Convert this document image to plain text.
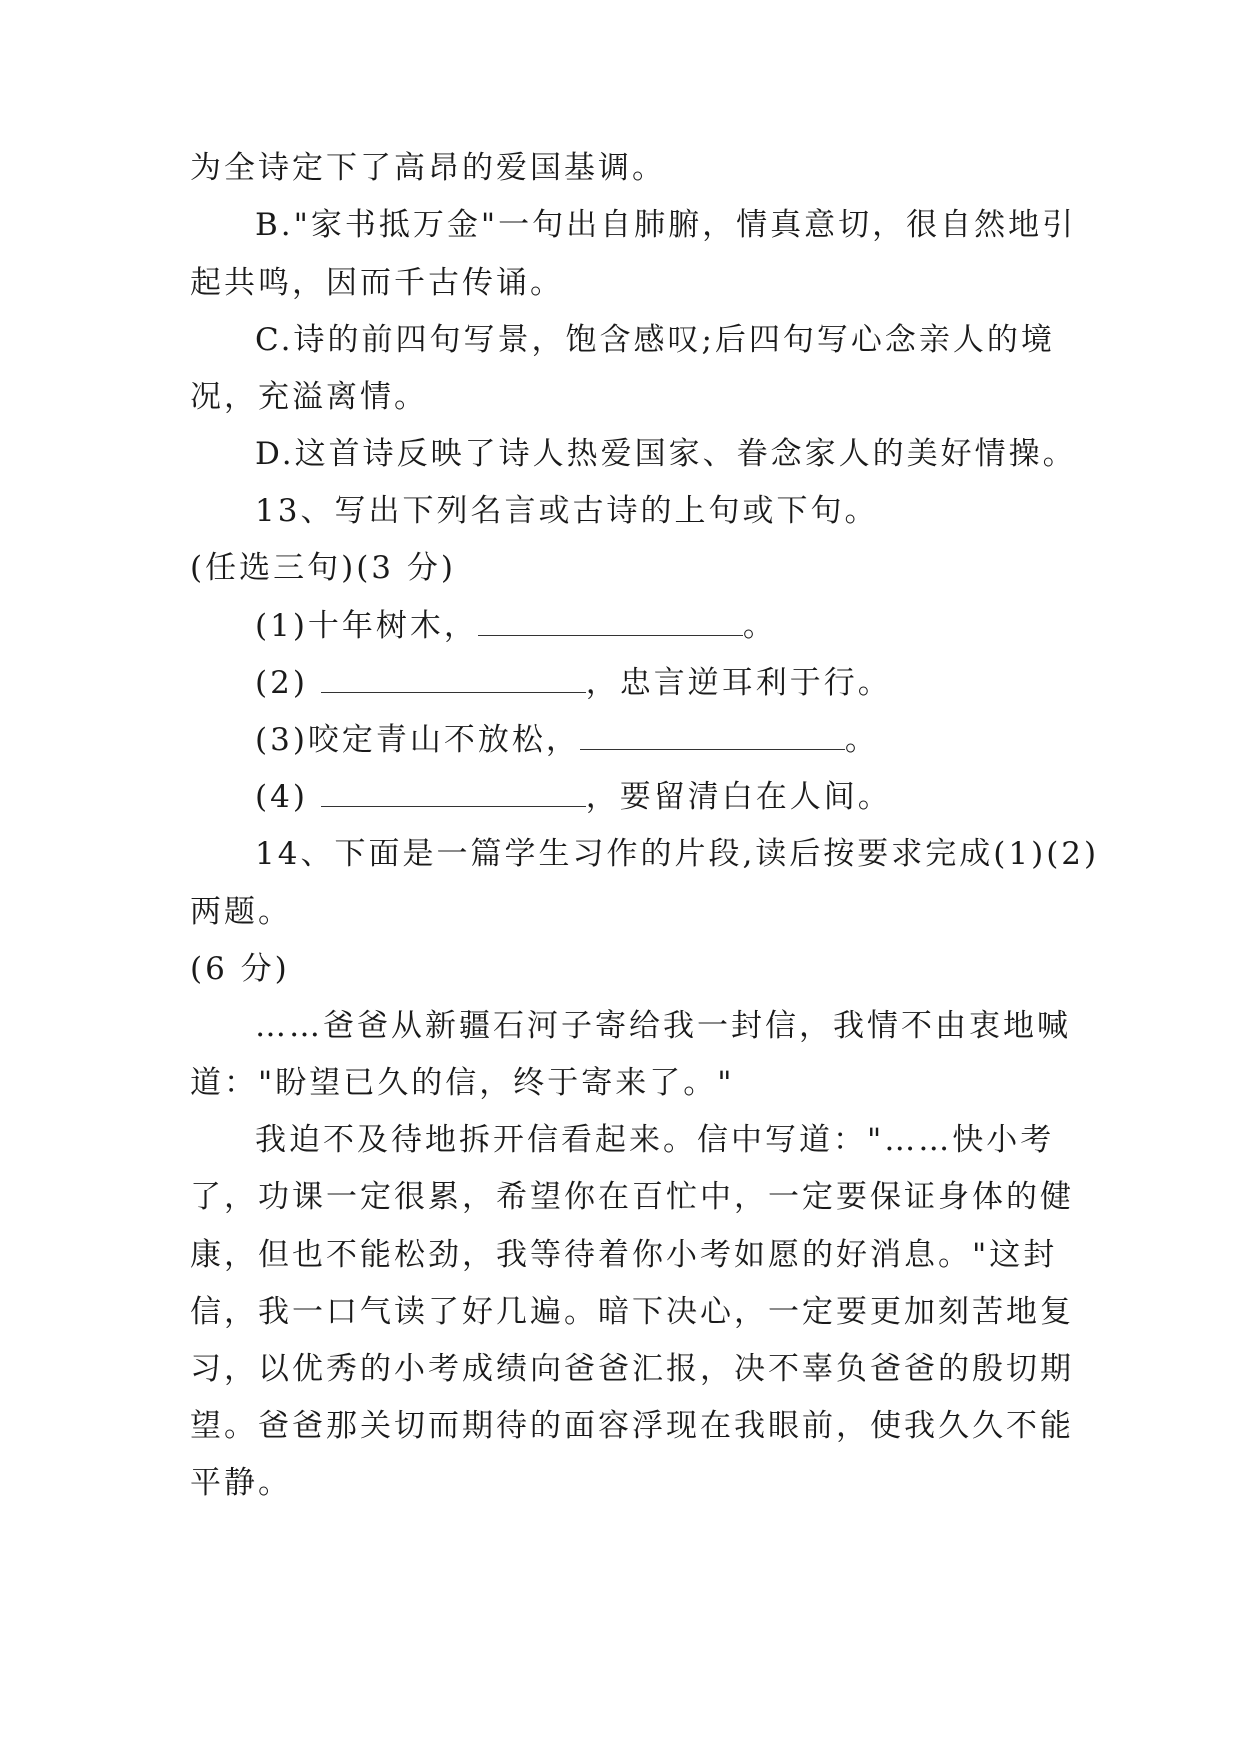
为全诗定下了高昂的爱国基调。
B."家书抵万金"一句出自肺腑，情真意切，很自然地引
起共鸣，因而千古传诵。
C.诗的前四句写景，饱含感叹;后四句写心念亲人的境
况，充溢离情。
D.这首诗反映了诗人热爱国家、眷念家人的美好情操。
13、写出下列名言或古诗的上句或下句。
(任选三句)(3 分)
(1)十年树木，	。
(2)	，忠言逆耳利于行。
(3)咬定青山不放松，	。
(4)	，要留清白在人间。
14、下面是一篇学生习作的片段,读后按要求完成(1)(2)
两题。
(6 分)
……爸爸从新疆石河子寄给我一封信，我情不由衷地喊
道："盼望已久的信，终于寄来了。"
我迫不及待地拆开信看起来。信中写道："……快小考
了，功课一定很累，希望你在百忙中，一定要保证身体的健
康，但也不能松劲，我等待着你小考如愿的好消息。"这封
信，我一口气读了好几遍。暗下决心，一定要更加刻苦地复
习，以优秀的小考成绩向爸爸汇报，决不辜负爸爸的殷切期
望。爸爸那关切而期待的面容浮现在我眼前，使我久久不能
平静。
